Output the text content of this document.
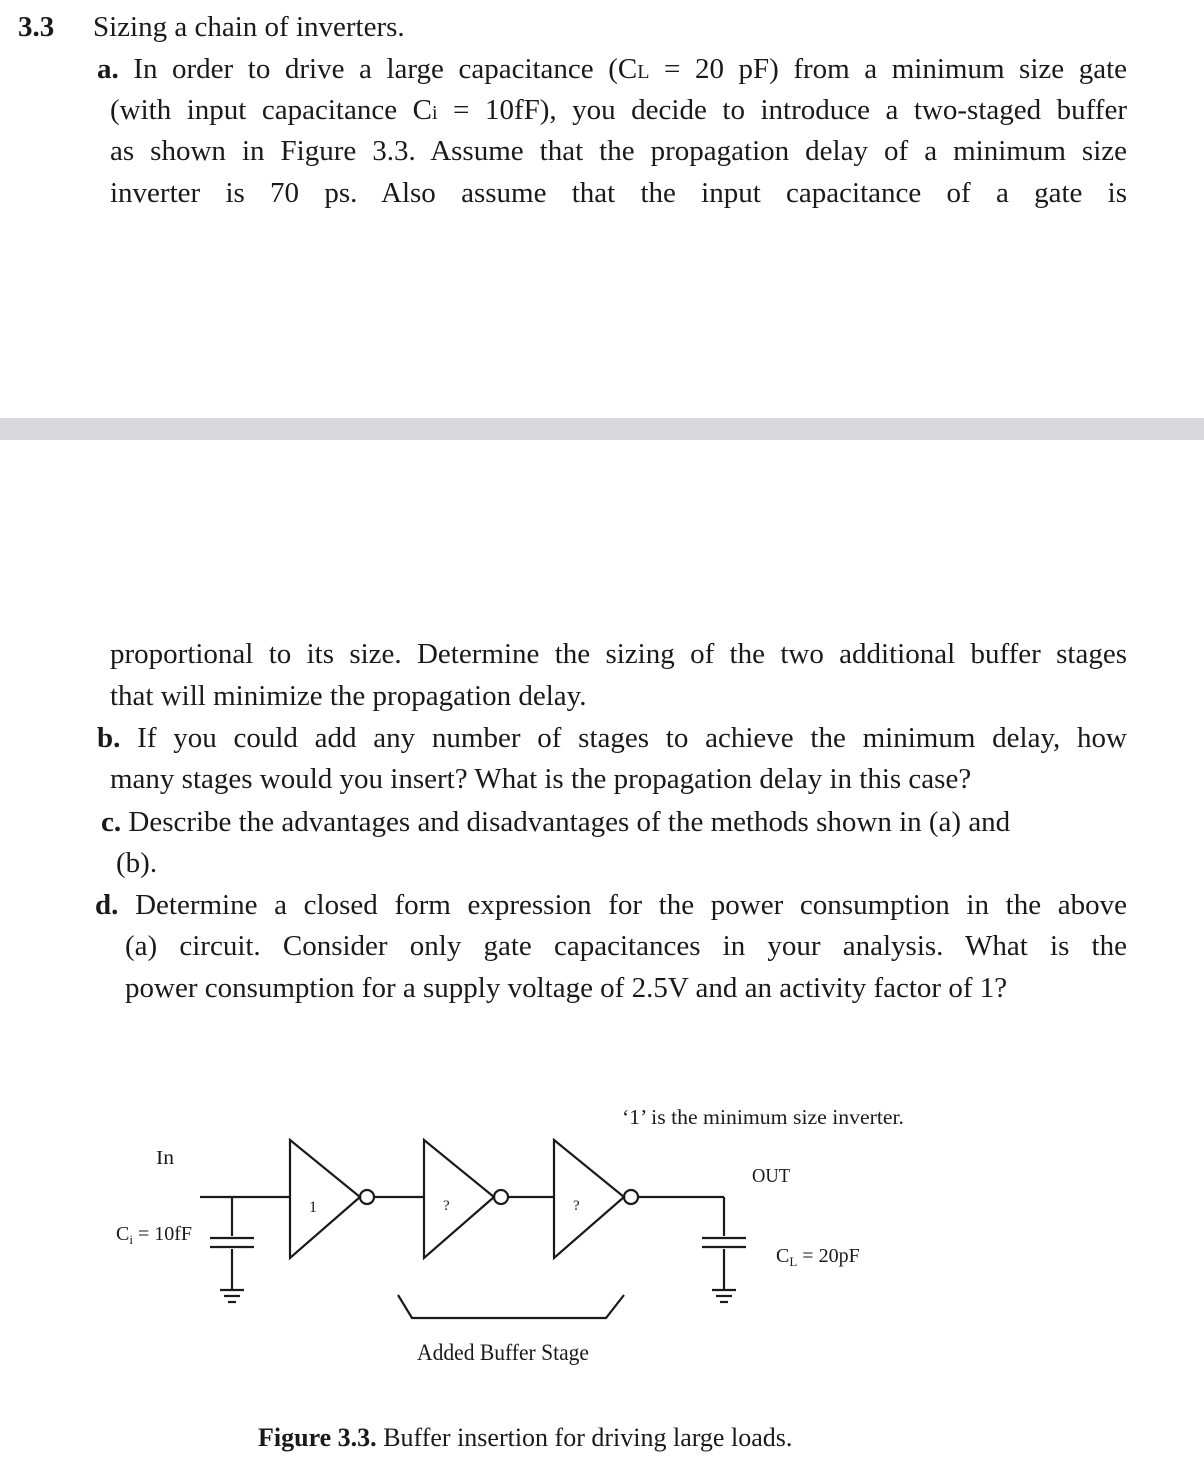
3.3 Sizing a chain of inverters.
a. In order to drive a large capacitance (CL = 20 pF) from a minimum size gate
(with input capacitance Ci = 10fF), you decide to introduce a two-staged buffer
as shown in Figure 3.3. Assume that the propagation delay of a minimum size
inverter is 70 ps. Also assume that the input capacitance of a gate is
proportional to its size. Determine the sizing of the two additional buffer stages
that will minimize the propagation delay.
b. If you could add any number of stages to achieve the minimum delay, how
many stages would you insert? What is the propagation delay in this case?
c. Describe the advantages and disadvantages of the methods shown in (a) and
(b).
d. Determine a closed form expression for the power consumption in the above
(a) circuit. Consider only gate capacitances in your analysis. What is the
power consumption for a supply voltage of 2.5V and an activity factor of 1?
‘1’ is the minimum size inverter.
In
OUT
$C_i = 10fF$
$C_L = 20pF$
1	?	?
Added Buffer Stage
Figure 3.3. Buffer insertion for driving large loads.
